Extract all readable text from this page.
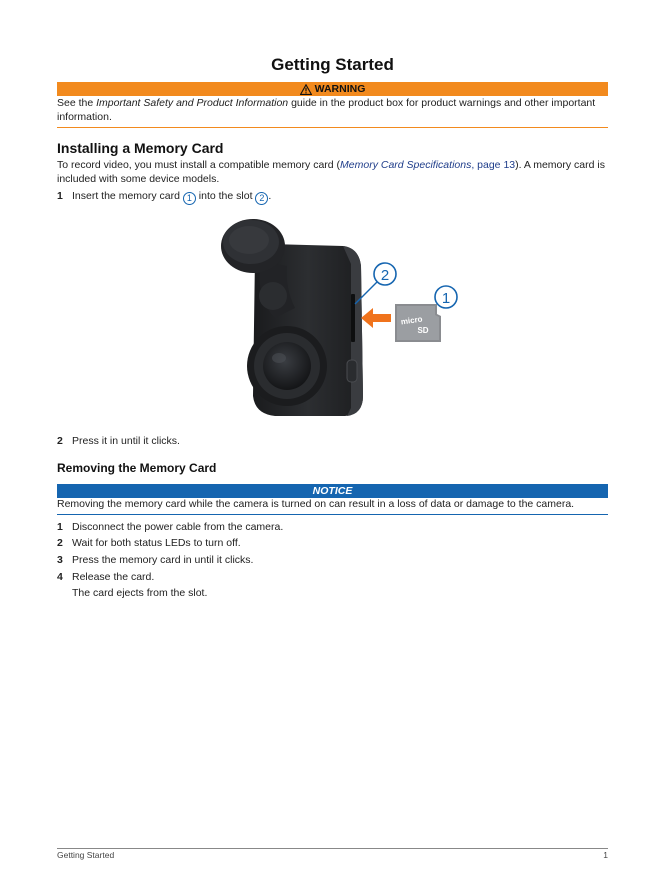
Getting Started
WARNING
See the Important Safety and Product Information guide in the product box for product warnings and other important information.
Installing a Memory Card
To record video, you must install a compatible memory card (Memory Card Specifications, page 13). A memory card is included with some device models.
1 Insert the memory card 1 into the slot 2 .
2
micro
SD
1
2 Press it in until it clicks.
Removing the Memory Card
NOTICE
Removing the memory card while the camera is turned on can result in a loss of data or damage to the camera.
1 Disconnect the power cable from the camera.
2 Wait for both status LEDs to turn off.
3 Press the memory card in until it clicks.
4 Release the card.
The card ejects from the slot.
Getting Started	1
